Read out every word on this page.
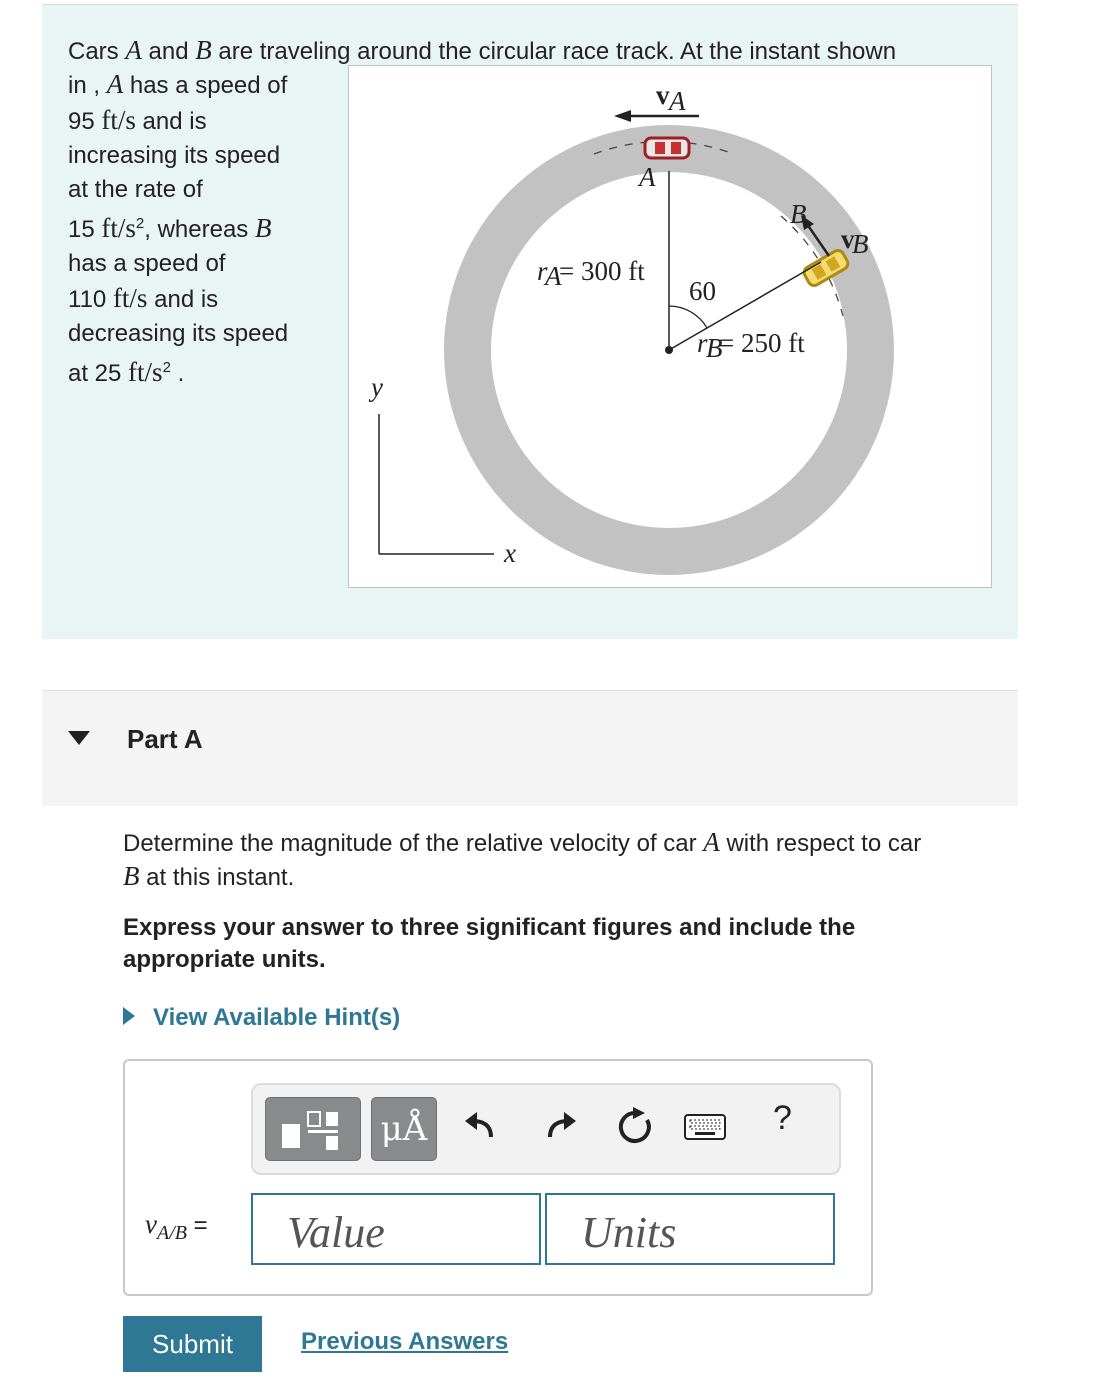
Cars A and B are traveling around the circular race track. At the instant shown
in , A has a speed of
95 ft/s and is
increasing its speed
at the rate of
15 $ft/s^2$, whereas B
has a speed of
110 ft/s and is
decreasing its speed
at 25 $ft/s^2$ .
v A
v
B
A
B
60
r
A
= 300 ft
r
B
= 250 ft
y
x
Part A
Determine the magnitude of the relative velocity of car A with respect to car
B at this instant.
Express your answer to three significant figures and include the appropriate units.
View Available Hint(s)
μÅ	?
$v_{A/B}$ =
Value
Units
Submit	Previous Answers
